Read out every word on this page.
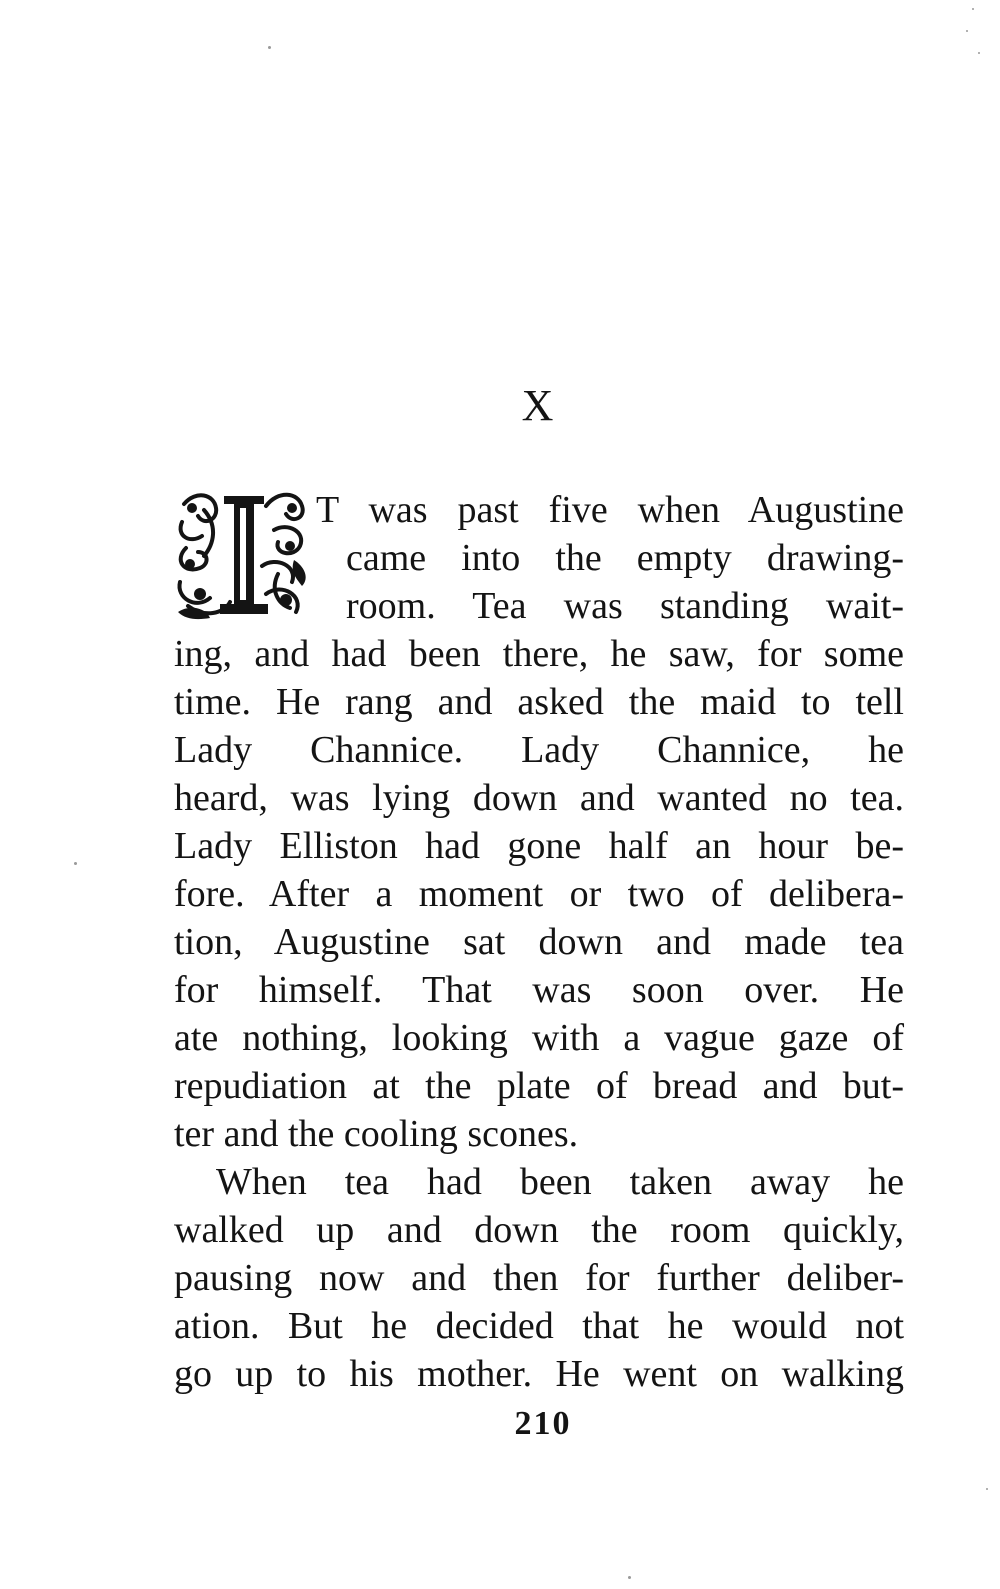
X
T was past five when Augustine
came into the empty drawing-
room. Tea was standing wait-
ing, and had been there, he saw, for some
time. He rang and asked the maid to tell
Lady Channice. Lady Channice, he
heard, was lying down and wanted no tea.
Lady Elliston had gone half an hour be-
fore. After a moment or two of delibera-
tion, Augustine sat down and made tea
for himself. That was soon over. He
ate nothing, looking with a vague gaze of
repudiation at the plate of bread and but-
ter and the cooling scones.
When tea had been taken away he
walked up and down the room quickly,
pausing now and then for further deliber-
ation. But he decided that he would not
go up to his mother. He went on walking
210
